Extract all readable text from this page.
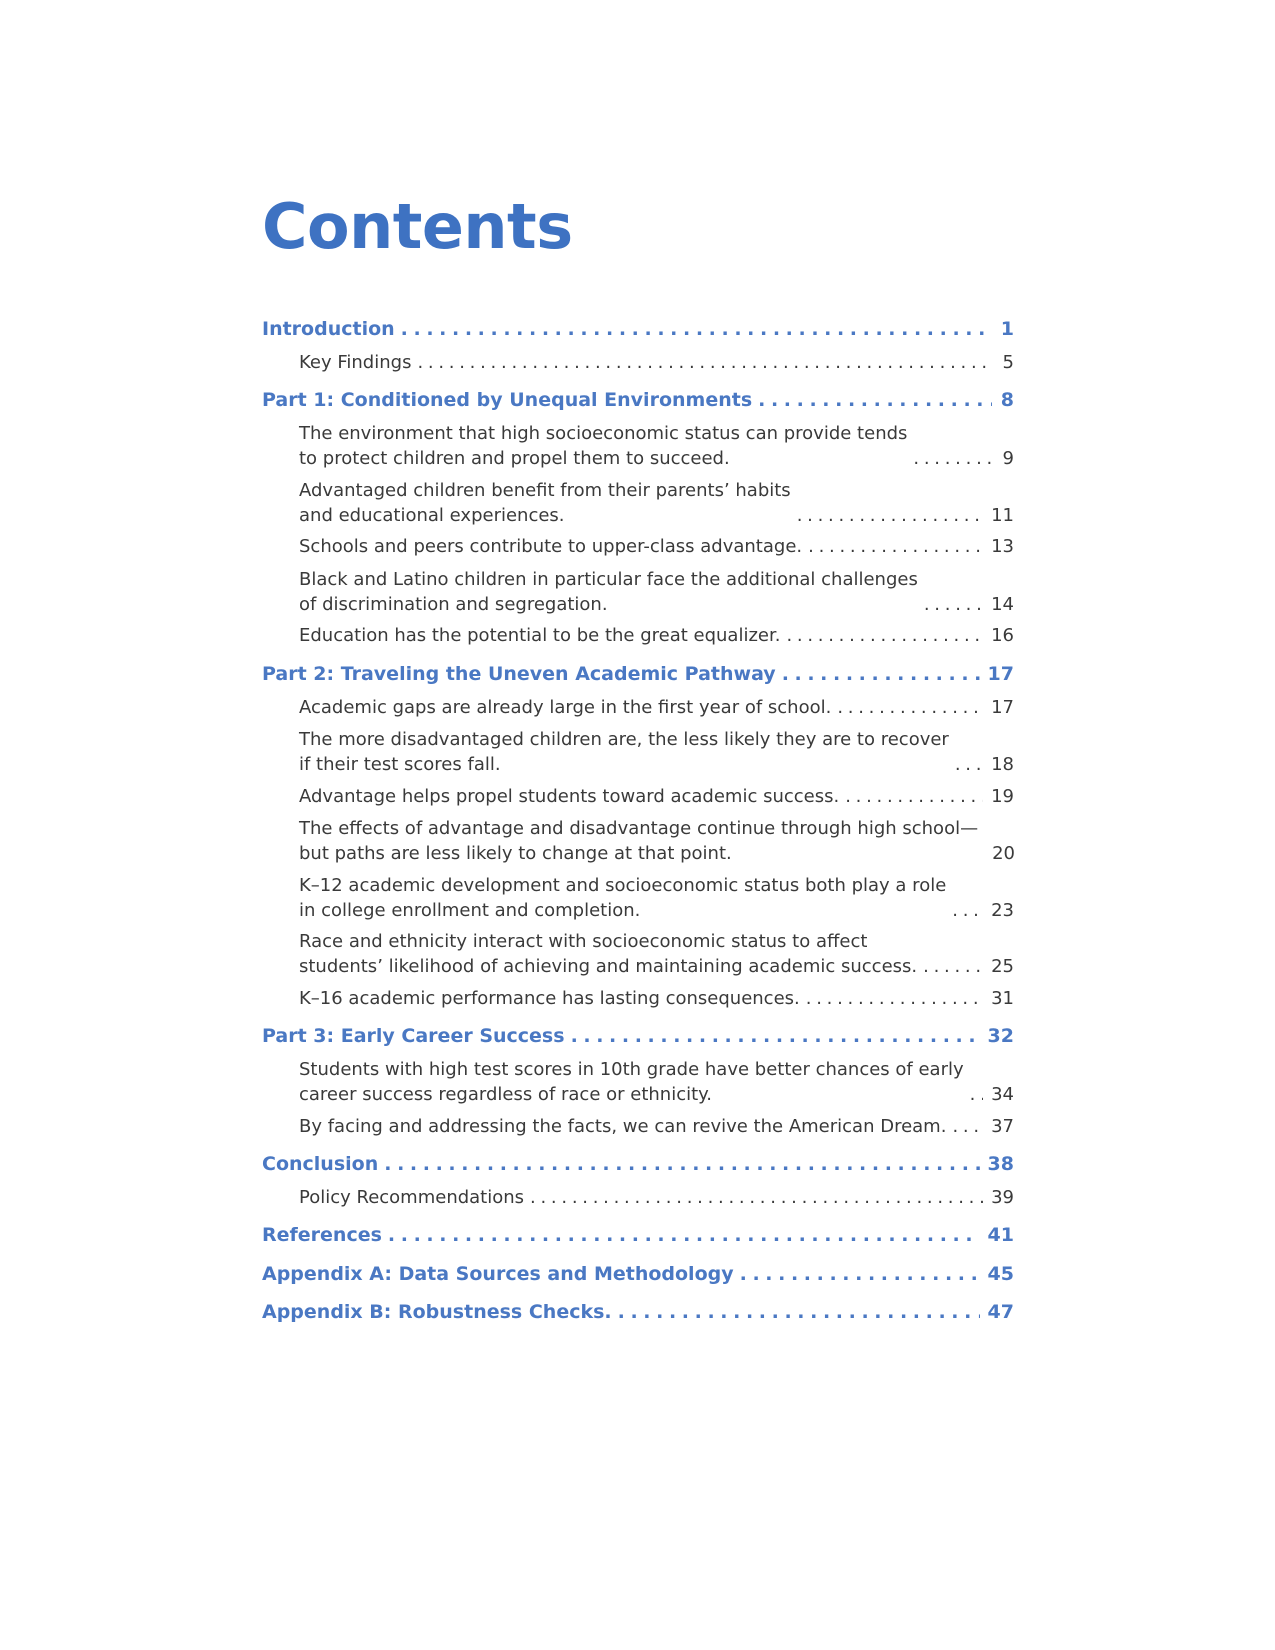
Contents
Introduction . . .	1
Key Findings . . .	5
Part 1: Conditioned by Unequal Environments . . .	8
The environment that high socioeconomic status can provide tends
to protect children and propel them to succeed. . . .	9
Advantaged children benefit from their parents’ habits
and educational experiences. . . .	11
Schools and peers contribute to upper-class advantage. . . .	13
Black and Latino children in particular face the additional challenges
of discrimination and segregation. . . .	14
Education has the potential to be the great equalizer. . . .	16
Part 2: Traveling the Uneven Academic Pathway . . .	17
Academic gaps are already large in the first year of school. . . .	17
The more disadvantaged children are, the less likely they are to recover
if their test scores fall. . . .	18
Advantage helps propel students toward academic success. . . .	19
The effects of advantage and disadvantage continue through high school—
but paths are less likely to change at that point.	20
K–12 academic development and socioeconomic status both play a role
in college enrollment and completion. . . .	23
Race and ethnicity interact with socioeconomic status to affect
students’ likelihood of achieving and maintaining academic success. . . .	25
K–16 academic performance has lasting consequences. . . .	31
Part 3: Early Career Success . . .	32
Students with high test scores in 10th grade have better chances of early
career success regardless of race or ethnicity. . . .	34
By facing and addressing the facts, we can revive the American Dream. . . . 37
Conclusion . . .	38
Policy Recommendations . . .	39
References . . .	41
Appendix A: Data Sources and Methodology . . .	45
Appendix B: Robustness Checks. . . .	47
